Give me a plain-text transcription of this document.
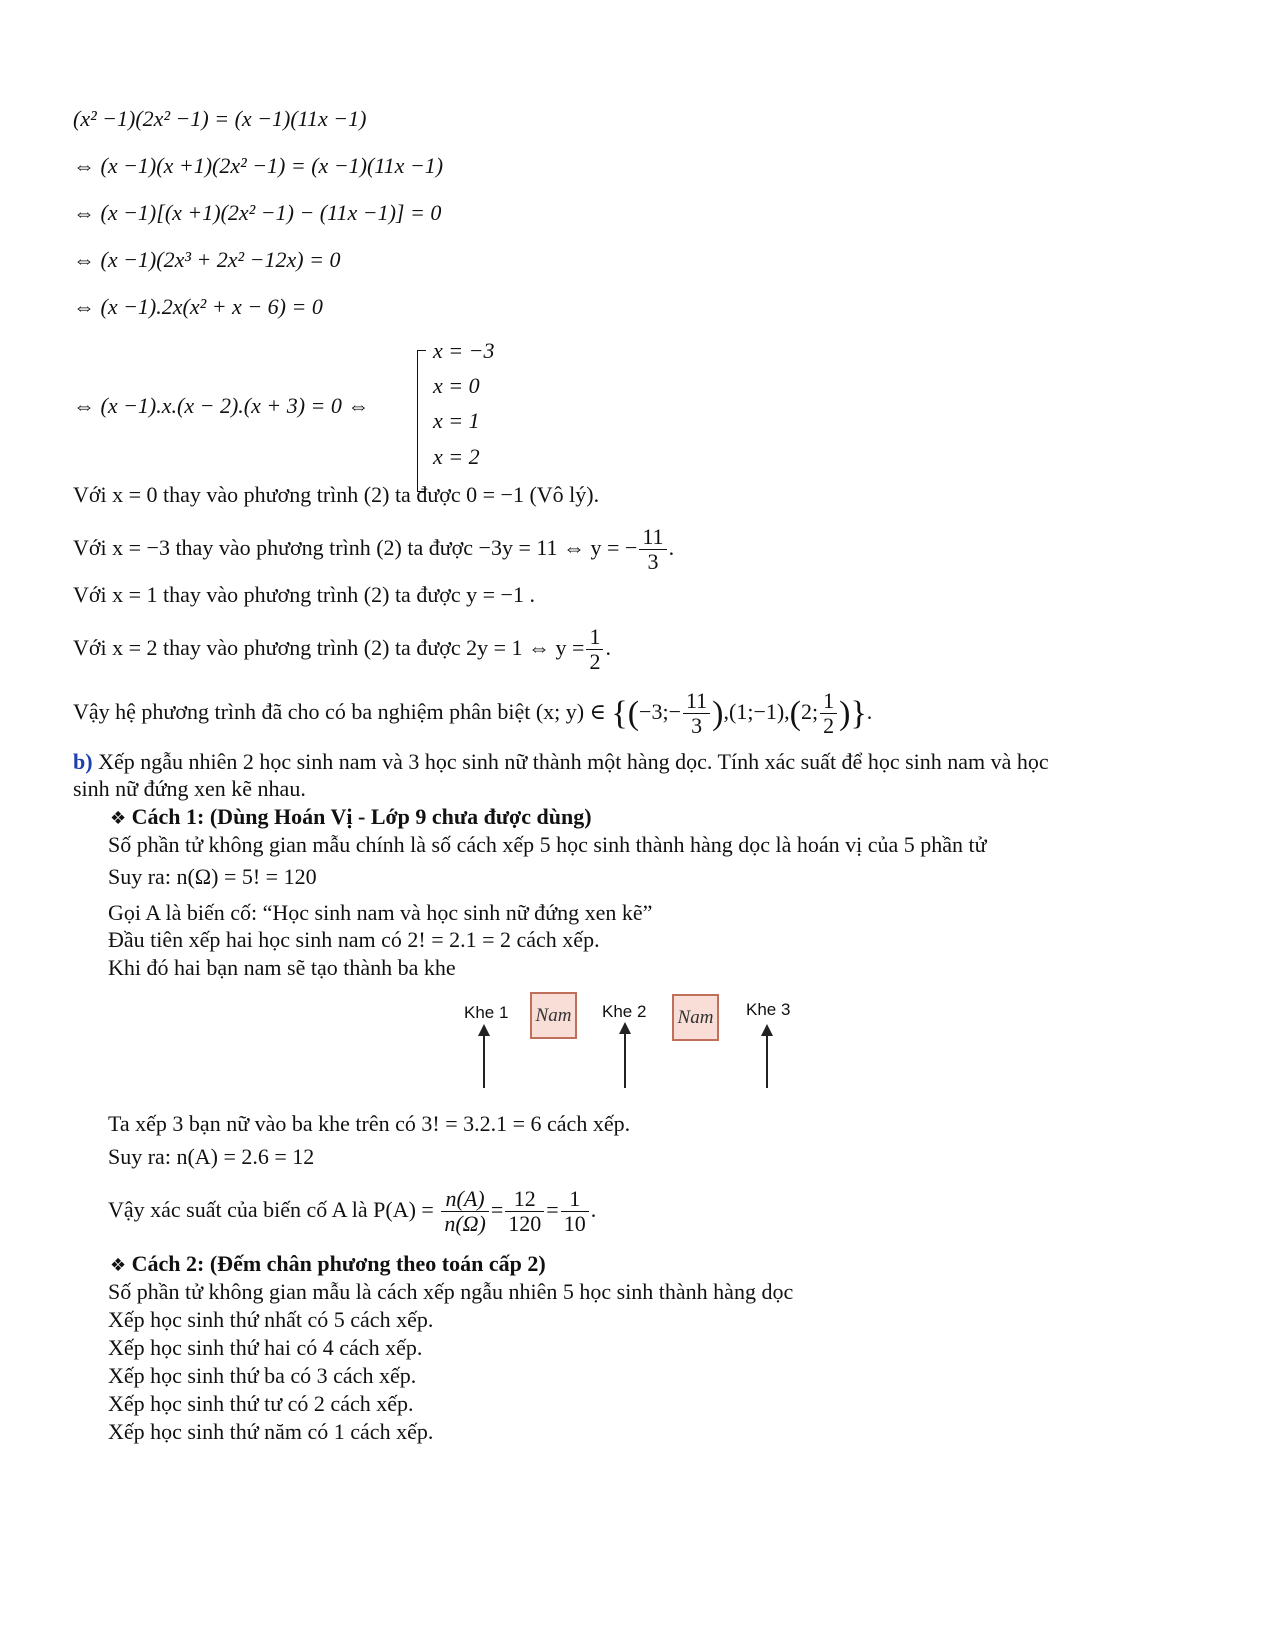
(x² −1)(2x² −1) = (x −1)(11x −1)
⇔ (x −1)(x +1)(2x² −1) = (x −1)(11x −1)
⇔ (x −1)[(x +1)(2x² −1) − (11x −1)] = 0
⇔ (x −1)(2x³ + 2x² −12x) = 0
⇔ (x −1).2x(x² + x − 6) = 0
⇔ (x −1).x.(x − 2).(x + 3) = 0 ⇔
x = −3
x = 0
x = 1
x = 2
Với x = 0 thay vào phương trình (2) ta được 0 = −1 (Vô lý).
Với x = −3 thay vào phương trình (2) ta được −3y = 11 ⇔ y = − $\frac{11}{3}$ .
Với x = 1 thay vào phương trình (2) ta được y = −1 .
Với x = 2 thay vào phương trình (2) ta được 2y = 1 ⇔ $y = \frac{1}{2}$ .
Vậy hệ phương trình đã cho có ba nghiệm phân biệt (x; y) ∈ {(−3;− $\frac{11}{3}$ ),(1;−1),(2; $\frac{1}{2}$ )}.
b) Xếp ngẫu nhiên 2 học sinh nam và 3 học sinh nữ thành một hàng dọc. Tính xác suất để học sinh nam và học
sinh nữ đứng xen kẽ nhau.
❖ Cách 1: (Dùng Hoán Vị - Lớp 9 chưa được dùng)
Số phần tử không gian mẫu chính là số cách xếp 5 học sinh thành hàng dọc là hoán vị của 5 phần tử
Suy ra: n(Ω) = 5! = 120
Gọi A là biến cố: “Học sinh nam và học sinh nữ đứng xen kẽ”
Đầu tiên xếp hai học sinh nam có 2! = 2.1 = 2 cách xếp.
Khi đó hai bạn nam sẽ tạo thành ba khe
Khe 1 Nam	Khe 2 Nam	Khe 3
Ta xếp 3 bạn nữ vào ba khe trên có 3! = 3.2.1 = 6 cách xếp.
Suy ra: n(A) = 2.6 = 12
Vậy xác suất của biến cố A là $P(A) = \frac{n(A)}{n(\Omega)} = \frac{12}{120} = \frac{1}{10}$ .
❖ Cách 2: (Đếm chân phương theo toán cấp 2)
Số phần tử không gian mẫu là cách xếp ngẫu nhiên 5 học sinh thành hàng dọc
Xếp học sinh thứ nhất có 5 cách xếp.
Xếp học sinh thứ hai có 4 cách xếp.
Xếp học sinh thứ ba có 3 cách xếp.
Xếp học sinh thứ tư có 2 cách xếp.
Xếp học sinh thứ năm có 1 cách xếp.
